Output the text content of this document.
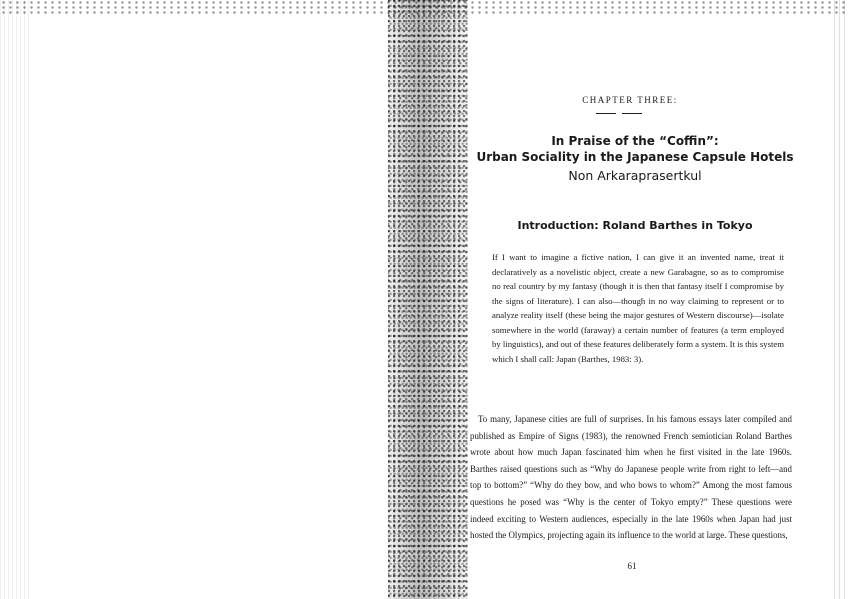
CHAPTER THREE:
In Praise of the “Coffin”:
Urban Sociality in the Japanese Capsule Hotels
Non Arkaraprasertkul
Introduction: Roland Barthes in Tokyo
If I want to imagine a fictive nation, I can give it an invented name, treat it declaratively as a novelistic object, create a new Garabagne, so as to compromise no real country by my fantasy (though it is then that fantasy itself I compromise by the signs of literature). I can also—though in no way claiming to represent or to analyze reality itself (these being the major gestures of Western discourse)—isolate somewhere in the world (faraway) a certain number of features (a term employed by linguistics), and out of these features deliberately form a system. It is this system which I shall call: Japan (Barthes, 1983: 3).
To many, Japanese cities are full of surprises. In his famous essays later compiled and published as Empire of Signs (1983), the renowned French semiotician Roland Barthes wrote about how much Japan fascinated him when he first visited in the late 1960s. Barthes raised questions such as “Why do Japanese people write from right to left—and top to bottom?” “Why do they bow, and who bows to whom?” Among the most famous questions he posed was “Why is the center of Tokyo empty?” These questions were indeed exciting to Western audiences, especially in the late 1960s when Japan had just hosted the Olympics, projecting again its influence to the world at large. These questions,
61
